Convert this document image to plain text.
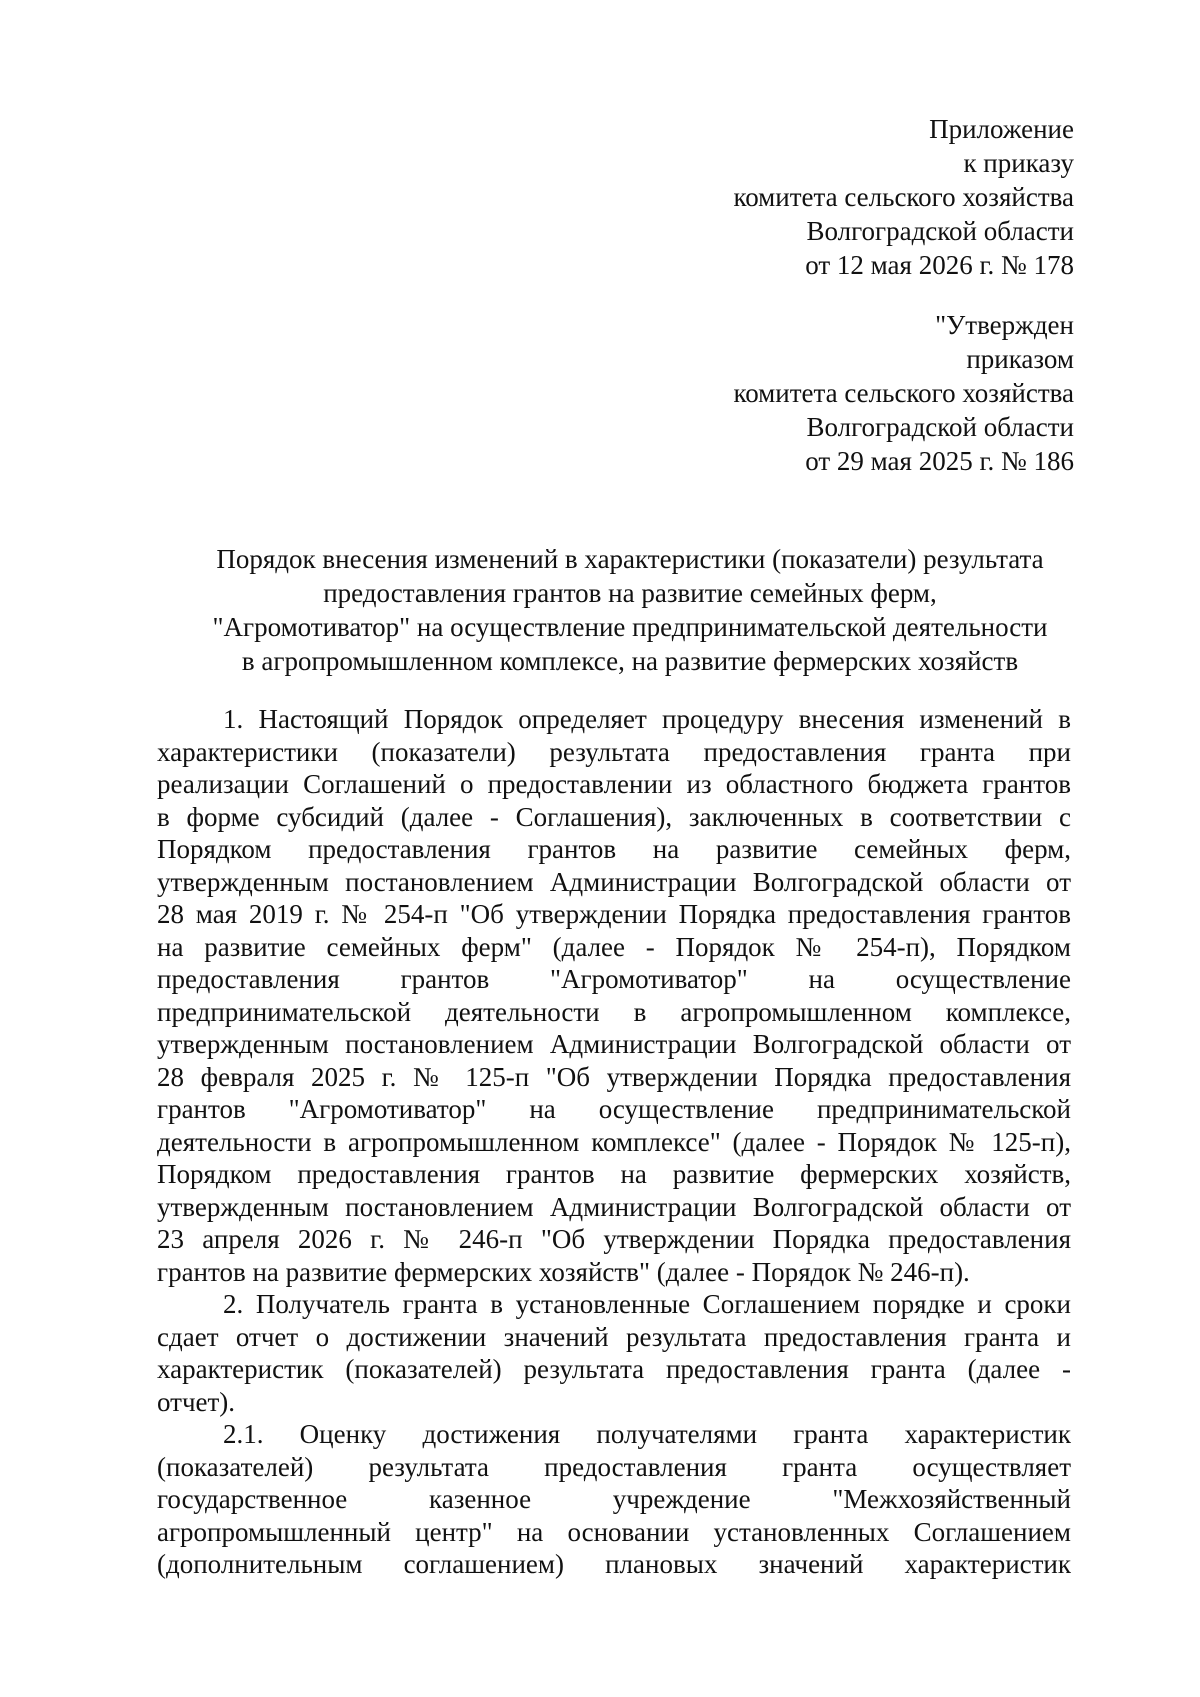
Приложение
к приказу
комитета сельского хозяйства
Волгоградской области
от 12 мая 2026 г. № 178
"Утвержден
приказом
комитета сельского хозяйства
Волгоградской области
от 29 мая 2025 г. № 186
Порядок внесения изменений в характеристики (показатели) результата
предоставления грантов на развитие семейных ферм,
"Агромотиватор" на осуществление предпринимательской деятельности
в агропромышленном комплексе, на развитие фермерских хозяйств
1. Настоящий Порядок определяет процедуру внесения изменений в
характеристики (показатели) результата предоставления гранта при
реализации Соглашений о предоставлении из областного бюджета грантов
в форме субсидий (далее - Соглашения), заключенных в соответствии с
Порядком предоставления грантов на развитие семейных ферм,
утвержденным постановлением Администрации Волгоградской области от
28 мая 2019 г. № 254-п "Об утверждении Порядка предоставления грантов
на развитие семейных ферм" (далее - Порядок № 254-п), Порядком
предоставления грантов "Агромотиватор" на осуществление
предпринимательской деятельности в агропромышленном комплексе,
утвержденным постановлением Администрации Волгоградской области от
28 февраля 2025 г. № 125-п "Об утверждении Порядка предоставления
грантов "Агромотиватор" на осуществление предпринимательской
деятельности в агропромышленном комплексе" (далее - Порядок № 125-п),
Порядком предоставления грантов на развитие фермерских хозяйств,
утвержденным постановлением Администрации Волгоградской области от
23 апреля 2026 г. № 246-п "Об утверждении Порядка предоставления
грантов на развитие фермерских хозяйств" (далее - Порядок № 246-п).
2. Получатель гранта в установленные Соглашением порядке и сроки
сдает отчет о достижении значений результата предоставления гранта и
характеристик (показателей) результата предоставления гранта (далее -
отчет).
2.1. Оценку достижения получателями гранта характеристик
(показателей) результата предоставления гранта осуществляет
государственное казенное учреждение "Межхозяйственный
агропромышленный центр" на основании установленных Соглашением
(дополнительным соглашением) плановых значений характеристик
